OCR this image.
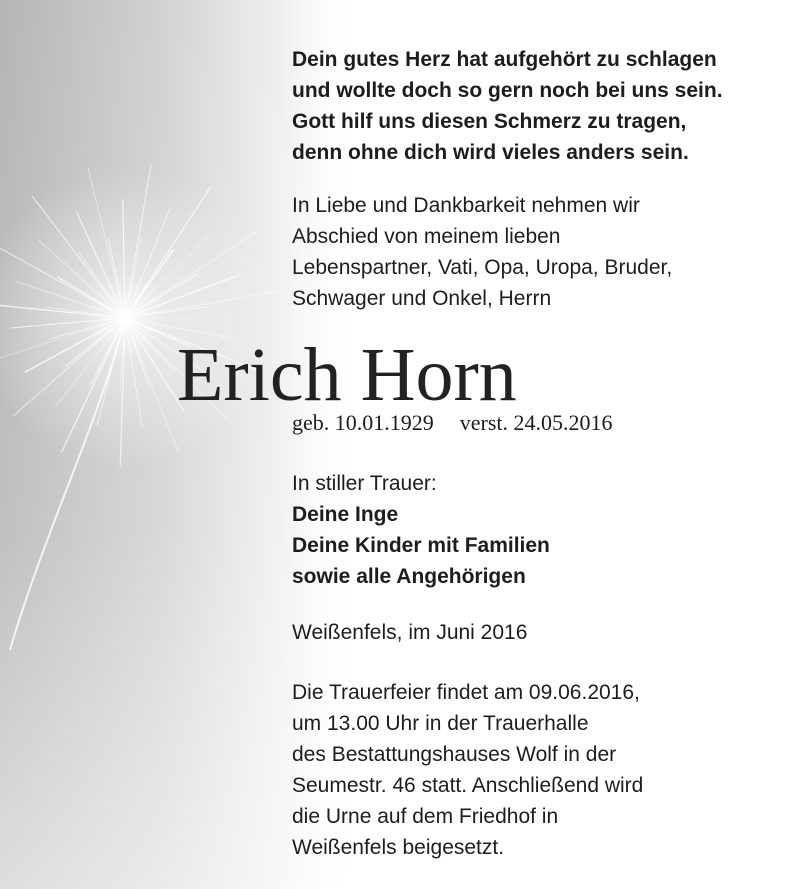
Dein gutes Herz hat aufgehört zu schlagen
und wollte doch so gern noch bei uns sein.
Gott hilf uns diesen Schmerz zu tragen,
denn ohne dich wird vieles anders sein.
In Liebe und Dankbarkeit nehmen wir
Abschied von meinem lieben
Lebenspartner, Vati, Opa, Uropa, Bruder,
Schwager und Onkel, Herrn
Erich Horn
geb. 10.01.1929 verst. 24.05.2016
In stiller Trauer:
Deine Inge
Deine Kinder mit Familien
sowie alle Angehörigen
Weißenfels, im Juni 2016
Die Trauerfeier findet am 09.06.2016,
um 13.00 Uhr in der Trauerhalle
des Bestattungshauses Wolf in der
Seumestr. 46 statt. Anschließend wird
die Urne auf dem Friedhof in
Weißenfels beigesetzt.
